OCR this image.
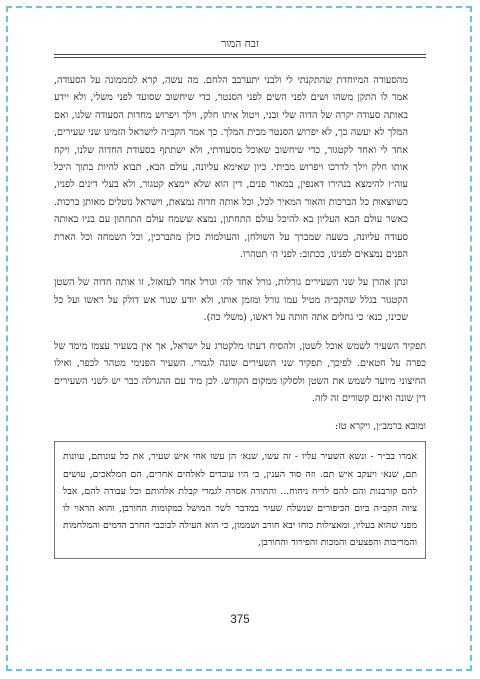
זבח המור

מהסעודה המיוחדת שהתקנתי לי ולבני יתערבב הלחם. מה עשה, קרא למממונה על הסעודה, אמר לו התקן משהו ושים לפני השים לפני הסנטר, כדי שיחשוב שסועד לפני משלי, ולא יידע באותה סעודה יקרה של הדוה שלי ובני, ויטול איתו חלק, וילך ויפרוש מחדות הסעודה שלנו, ואם המלך לא יעשה כך, לא יפרוש הסנטר מבית המלך. כך אמר הקב״ה לישראל הזמינו שני שעירים, אחד לי ואחד לקטגור, כדי שיחשוב שאוכל מסעודתי, ולא ישתתף בסעודת החדוה שלנו, ויקח אותו חלק וילך לדרכו ויפרוש מביתי. כיון שאימא עליונה, עולם הבא, תבוא להיות בתוך היכל עוה״ז להימצא בנהירו דאנפין, במאור פנים, דין הוא שלא יימצא קטגור, ולא בעלי דינים לפניו, כשיוצאות כל הברכות והאור המאיר לכל, וכל אותה חדוה נמצאת, וישראל נוטלים מאותן ברכות. כאשר עולם הבא העליון בא להיכל עולם התחתון, נמצא ששמח עולם התחתון עם בניו באותה סעודה עליונה, בשעה שמברך על השולחן, והעולמות כולן מתברכין, וכל השמחה וכל הארת הפנים נמצאים לפנינו, ככתוב: לפני ה׳ תטהרו.

ונתן אהרן על שני השעירים גורלות, גורל אחד לה׳ וגורל אחד לעזאזל, זו אותה חדוה של השטן הקטגור בגלל שהקב״ה מטיל עמו גורל ומזמן אותו, ולא יודע שנור אש דולק על ראשו ועל כל שכינו, כנא׳ כי גחלים אתה חותה על ראשו, (משלי כה).

תפקיד השעיר לשמש אוכל לשטן, ולהסיח דעתו מלקטרג על ישראל, אך אין בשעיר עצמו מימד של כפרה על חטאים. לפיכך, תפקיד שני השעירים שונה לגמרי. השעיר הפנימי מטהר לכפר, ואילו החיצוני מיועד לשמש את השטן ולסלקו ממקום הקודש. לכן מיד עם ההגרלה כבר יש לשני השעירים דין שונה ואינם קשורים זה לזה.

ומובא ברמב״ן, ויקרא טז:

אמרו בב״ר - ונשא השעיר עליו - זה עשו, שנא׳ הן עשו אחי איש שעיר, את כל עונותם, עוונות תם, שנא׳ ויעקב איש תם. וזה סוד הענין, כי היו עובדים לאלהים אחרים, הם המלאכים, עושים להם קורבנות והם להם לריח ניחוח... והתורה אסרה לגמרי קבלת אלהותם וכל עבודה להם, אבל ציוה הקב״ה ביום הכיפורים שנשלח שעיר במדבר לשר המושל במקומות החורבן, והוא הראוי לו מפני שהוא בעליו, ומאצילות כוחו יבא חורב ושממון, כי הוא העילה לכוכבי החרב הדמים והמלחמות והמריבות והפצעים והמכות והפירוד והחורבן,

375
